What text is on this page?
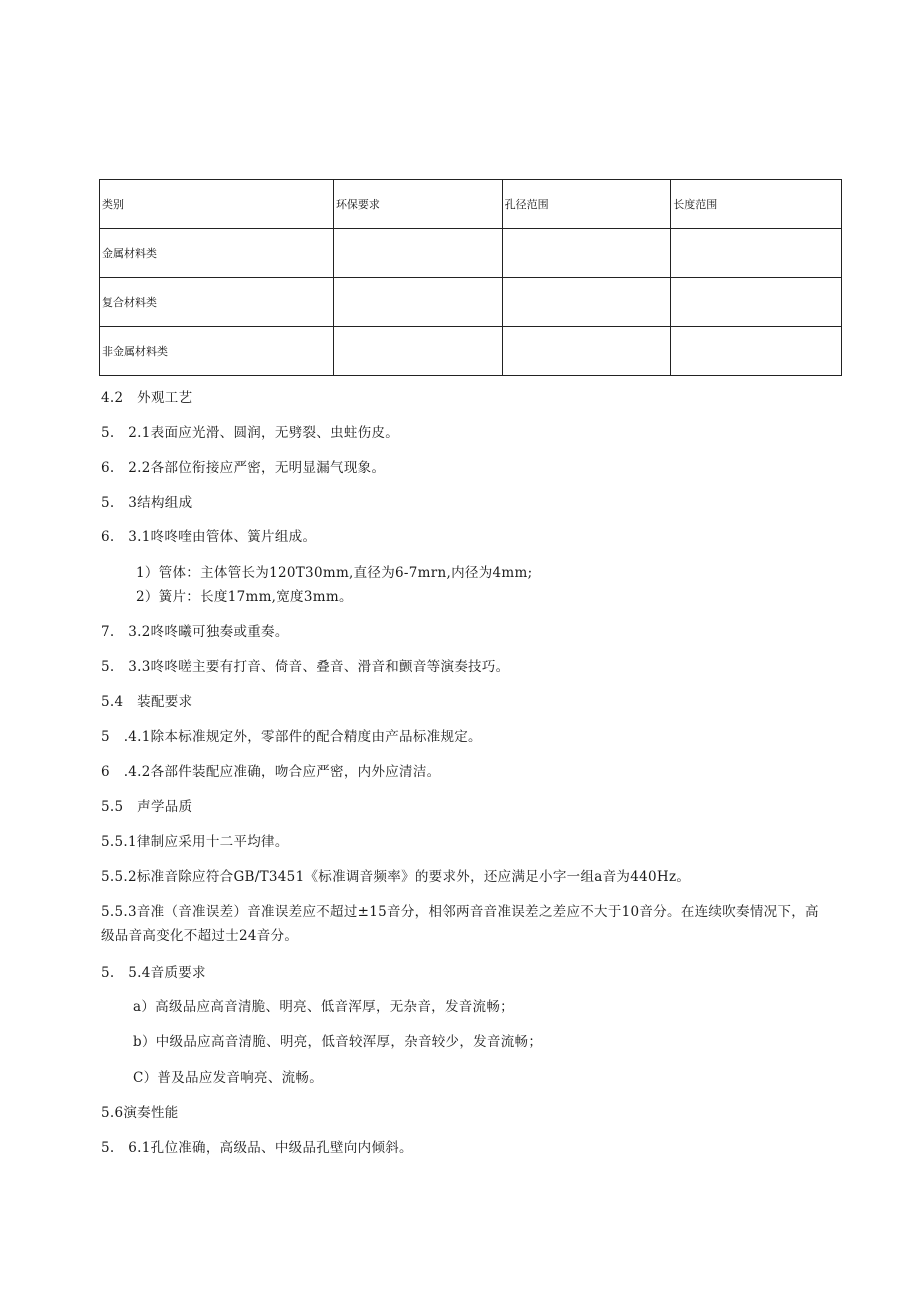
类别	环保要求	孔径范围	长度范围
金属材料类			
复合材料类			
非金属材料类			
4.2　外观工艺
5.　2.1表面应光滑、圆润，无劈裂、虫蛀伤皮。
6.　2.2各部位衔接应严密，无明显漏气现象。
5.　3结构组成
6.　3.1咚咚喹由管体、簧片组成。
1）管体：主体管长为120T30mm,直径为6-7mrn,内径为4mm;
2）簧片：长度17mm,宽度3mm。
7.　3.2咚咚曦可独奏或重奏。
5.　3.3咚咚嗟主要有打音、倚音、叠音、滑音和颤音等演奏技巧。
5.4　装配要求
5　.4.1除本标准规定外，零部件的配合精度由产品标准规定。
6　.4.2各部件装配应准确，吻合应严密，内外应清洁。
5.5　声学品质
5.5.1律制应采用十二平均律。
5.5.2标准音除应符合GB/T3451《标准调音频率》的要求外，还应满足小字一组a音为440Hz。
5.5.3音准（音准误差）音准误差应不超过±15音分，相邻两音音准误差之差应不大于10音分。在连续吹奏情况下，高级品音高变化不超过士24音分。
5.　5.4音质要求
a）高级品应高音清脆、明亮、低音浑厚，无杂音，发音流畅；
b）中级品应高音清脆、明亮，低音较浑厚，杂音较少，发音流畅；
C）普及品应发音响亮、流畅。
5.6演奏性能
5.　6.1孔位准确，高级品、中级品孔壁向内倾斜。
